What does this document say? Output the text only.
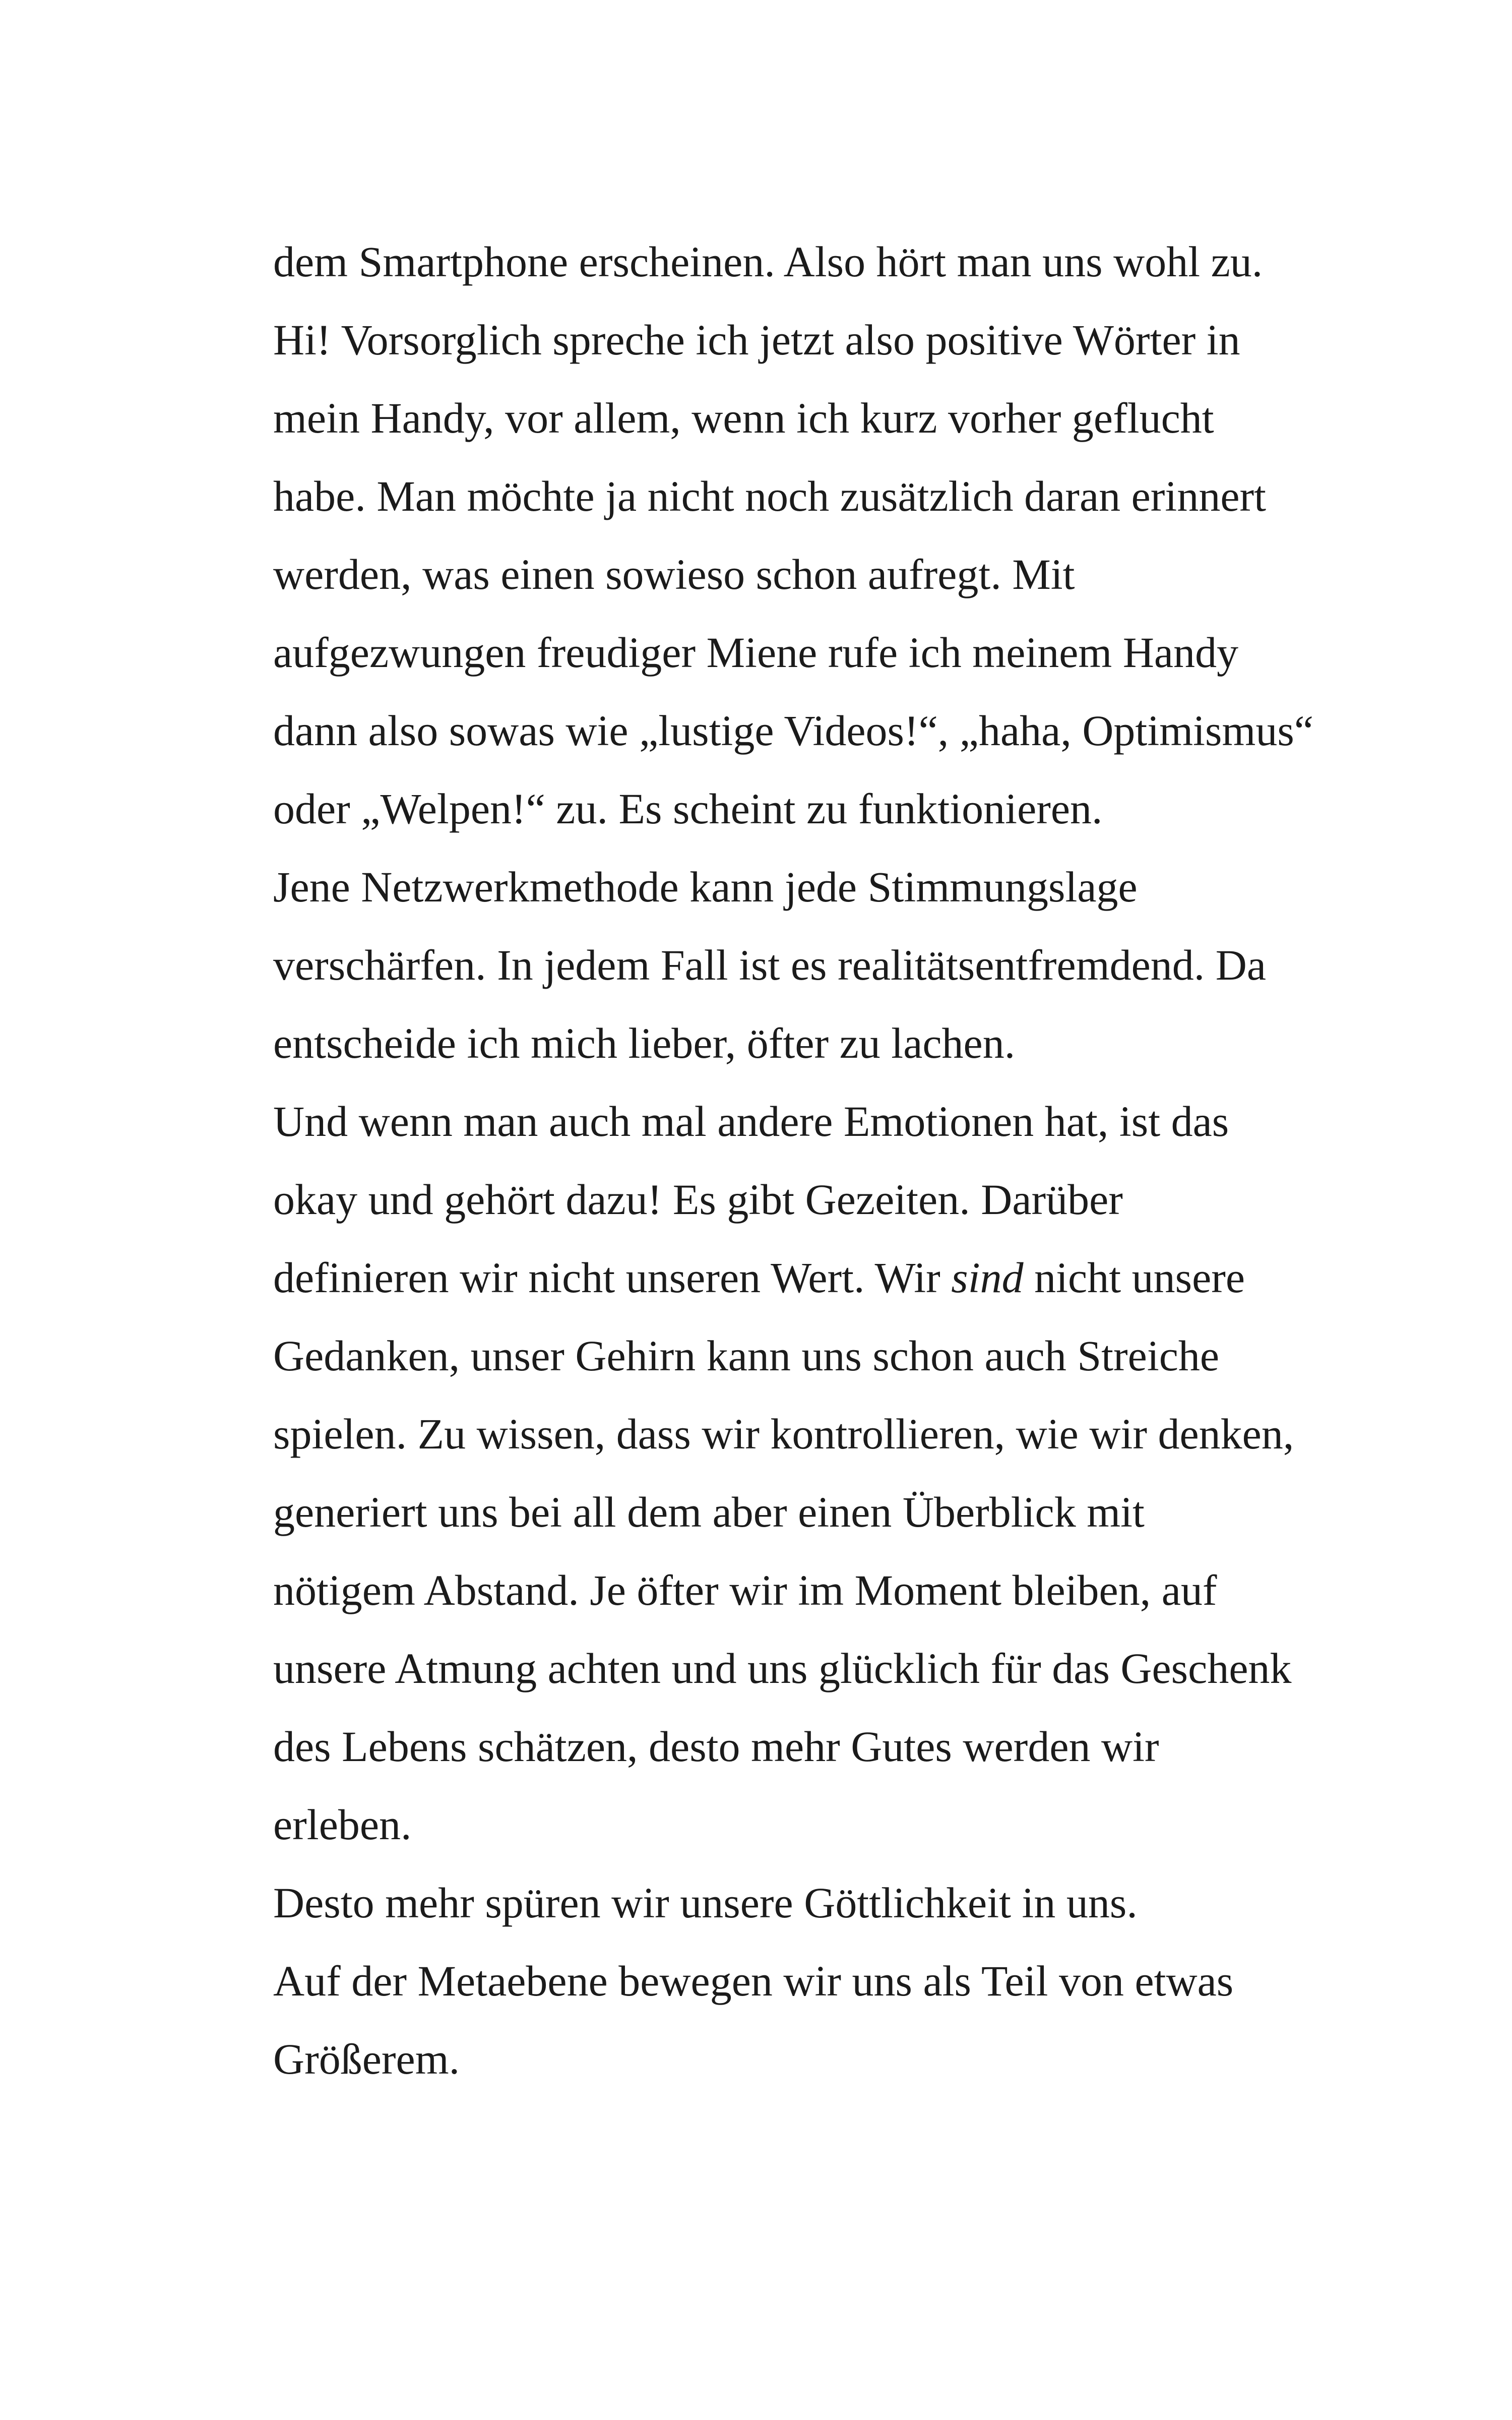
dem Smartphone erscheinen. Also hört man uns wohl zu.
Hi! Vorsorglich spreche ich jetzt also positive Wörter in
mein Handy, vor allem, wenn ich kurz vorher geflucht
habe. Man möchte ja nicht noch zusätzlich daran erinnert
werden, was einen sowieso schon aufregt. Mit
aufgezwungen freudiger Miene rufe ich meinem Handy
dann also sowas wie „lustige Videos!“, „haha, Optimismus“
oder „Welpen!“ zu. Es scheint zu funktionieren.
Jene Netzwerkmethode kann jede Stimmungslage
verschärfen. In jedem Fall ist es realitätsentfremdend. Da
entscheide ich mich lieber, öfter zu lachen.
Und wenn man auch mal andere Emotionen hat, ist das
okay und gehört dazu! Es gibt Gezeiten. Darüber
definieren wir nicht unseren Wert. Wir sind nicht unsere
Gedanken, unser Gehirn kann uns schon auch Streiche
spielen. Zu wissen, dass wir kontrollieren, wie wir denken,
generiert uns bei all dem aber einen Überblick mit
nötigem Abstand. Je öfter wir im Moment bleiben, auf
unsere Atmung achten und uns glücklich für das Geschenk
des Lebens schätzen, desto mehr Gutes werden wir
erleben.
Desto mehr spüren wir unsere Göttlichkeit in uns.
Auf der Metaebene bewegen wir uns als Teil von etwas
Größerem.
